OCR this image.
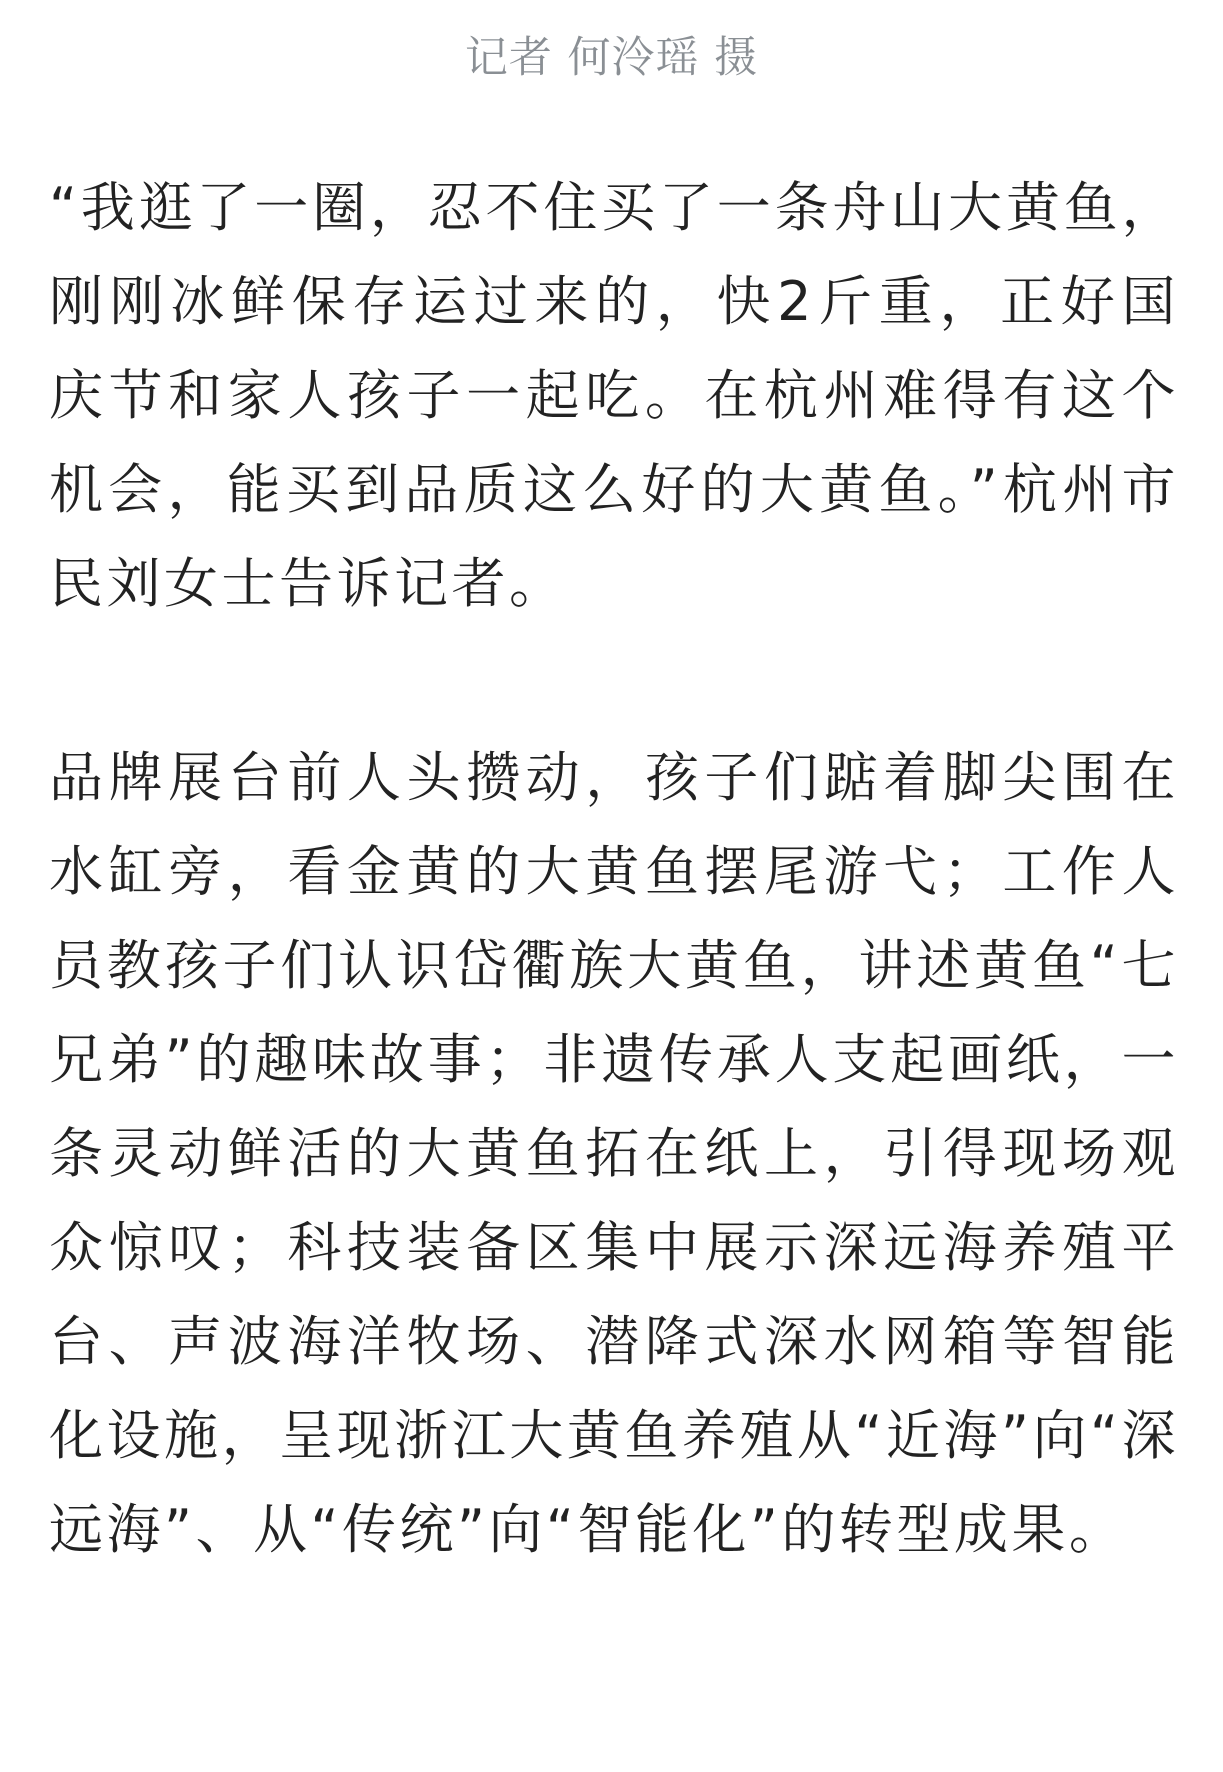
记者 何泠瑶 摄

“我逛了一圈，忍不住买了一条舟山大黄鱼，刚刚冰鲜保存运过来的，快2斤重，正好国庆节和家人孩子一起吃。在杭州难得有这个机会，能买到品质这么好的大黄鱼。”杭州市民刘女士告诉记者。

品牌展台前人头攒动，孩子们踮着脚尖围在水缸旁，看金黄的大黄鱼摆尾游弋；工作人员教孩子们认识岱衢族大黄鱼，讲述黄鱼“七兄弟”的趣味故事；非遗传承人支起画纸，一条灵动鲜活的大黄鱼拓在纸上，引得现场观众惊叹；科技装备区集中展示深远海养殖平台、声波海洋牧场、潜降式深水网箱等智能化设施，呈现浙江大黄鱼养殖从“近海”向“深远海”、从“传统”向“智能化”的转型成果。
